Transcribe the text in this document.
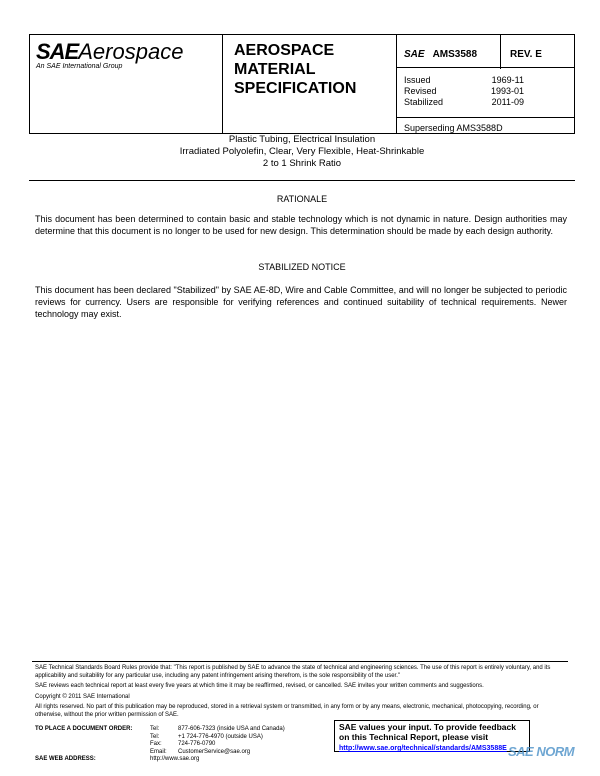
SAEAerospace
An SAE International Group
AEROSPACE
MATERIAL
SPECIFICATION
SAE AMS3588	REV. E
Issued	1969-11
Revised	1993-01
Stabilized	2011-09
Superseding AMS3588D
Plastic Tubing, Electrical Insulation
Irradiated Polyolefin, Clear, Very Flexible, Heat-Shrinkable
2 to 1 Shrink Ratio
RATIONALE
This document has been determined to contain basic and stable technology which is not dynamic in nature. Design authorities may determine that this document is no longer to be used for new design. This determination should be made by each design authority.
STABILIZED NOTICE
This document has been declared "Stabilized" by SAE AE-8D, Wire and Cable Committee, and will no longer be subjected to periodic reviews for currency. Users are responsible for verifying references and continued suitability of technical requirements. Newer technology may exist.
SAE Technical Standards Board Rules provide that: "This report is published by SAE to advance the state of technical and engineering sciences. The use of this report is entirely voluntary, and its applicability and suitability for any particular use, including any patent infringement arising therefrom, is the sole responsibility of the user."
SAE reviews each technical report at least every five years at which time it may be reaffirmed, revised, or cancelled. SAE invites your written comments and suggestions.
Copyright © 2011 SAE International
All rights reserved. No part of this publication may be reproduced, stored in a retrieval system or transmitted, in any form or by any means, electronic, mechanical, photocopying, recording, or otherwise, without the prior written permission of SAE.
TO PLACE A DOCUMENT ORDER:	Tel:	877-606-7323 (inside USA and Canada)
Tel:	+1 724-776-4970 (outside USA)
Fax:	724-776-0790
Email: CustomerService@sae.org
SAE WEB ADDRESS:	http://www.sae.org
SAE values your input. To provide feedback
on this Technical Report, please visit
http://www.sae.org/technical/standards/AMS3588E SAE NORM
